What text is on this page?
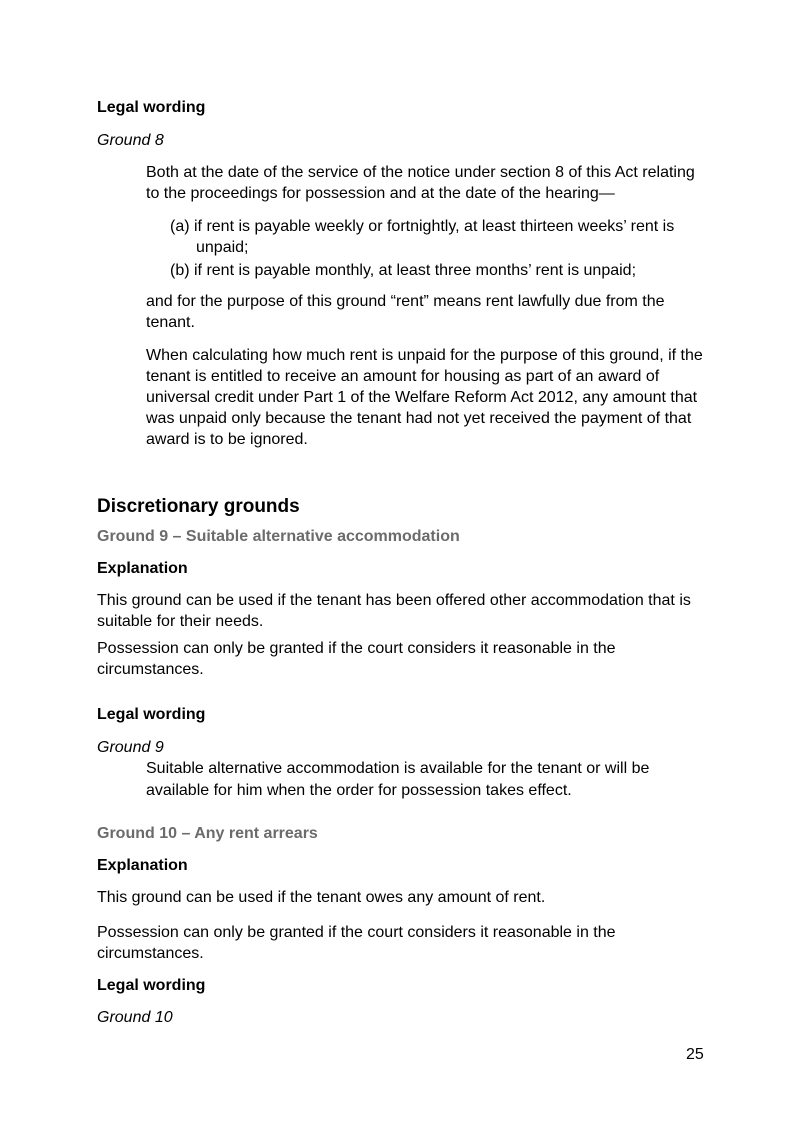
Legal wording

Ground 8

Both at the date of the service of the notice under section 8 of this Act relating to the proceedings for possession and at the date of the hearing—

(a) if rent is payable weekly or fortnightly, at least thirteen weeks’ rent is unpaid;
(b) if rent is payable monthly, at least three months’ rent is unpaid;

and for the purpose of this ground “rent” means rent lawfully due from the tenant.

When calculating how much rent is unpaid for the purpose of this ground, if the tenant is entitled to receive an amount for housing as part of an award of universal credit under Part 1 of the Welfare Reform Act 2012, any amount that was unpaid only because the tenant had not yet received the payment of that award is to be ignored.

Discretionary grounds

Ground 9 – Suitable alternative accommodation

Explanation

This ground can be used if the tenant has been offered other accommodation that is suitable for their needs.

Possession can only be granted if the court considers it reasonable in the circumstances.

Legal wording

Ground 9

Suitable alternative accommodation is available for the tenant or will be available for him when the order for possession takes effect.

Ground 10 – Any rent arrears

Explanation

This ground can be used if the tenant owes any amount of rent.

Possession can only be granted if the court considers it reasonable in the circumstances.

Legal wording

Ground 10

25
